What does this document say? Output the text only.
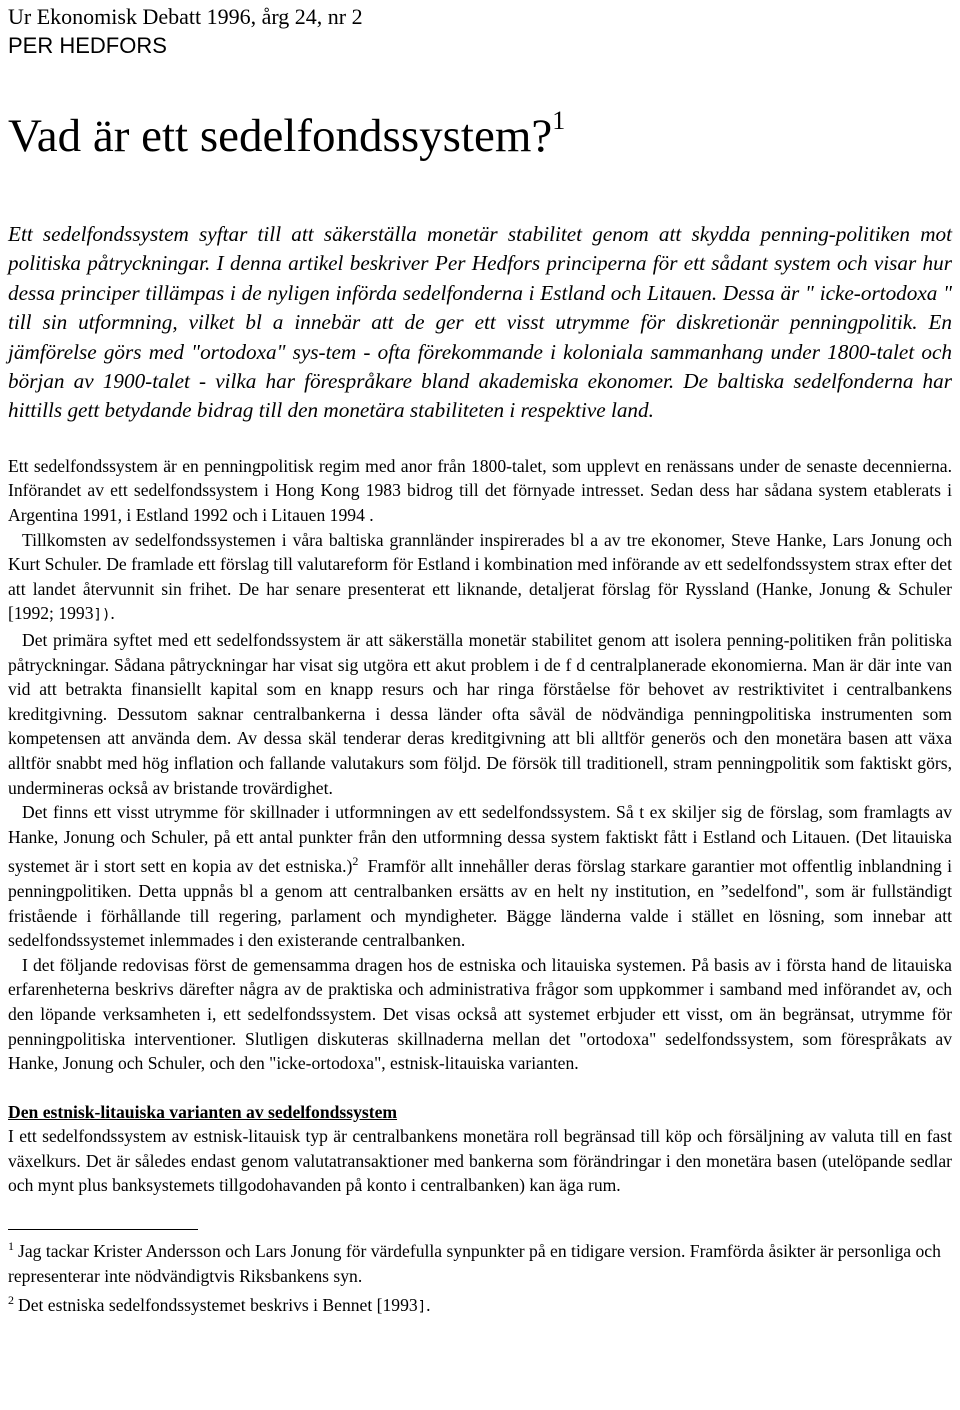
Ur Ekonomisk Debatt 1996, årg 24, nr 2

PER HEDFORS

Vad är ett sedelfondssystem?$^1$

Ett sedelfondssystem syftar till att säkerställa monetär stabilitet genom att skydda penning-politiken mot politiska påtryckningar. I denna artikel beskriver Per Hedfors principerna för ett sådant system och visar hur dessa principer tillämpas i de nyligen införda sedelfonderna i Estland och Litauen. Dessa är " icke-ortodoxa " till sin utformning, vilket bl a innebär att de ger ett visst utrymme för diskretionär penningpolitik. En jämförelse görs med "ortodoxa" sys-tem - ofta förekommande i koloniala sammanhang under 1800-talet och början av 1900-talet - vilka har förespråkare bland akademiska ekonomer. De baltiska sedelfonderna har hittills gett betydande bidrag till den monetära stabiliteten i respektive land.

Ett sedelfondssystem är en penningpolitisk regim med anor från 1800-talet, som upplevt en renässans under de senaste decennierna. Införandet av ett sedelfondssystem i Hong Kong 1983 bidrog till det förnyade intresset. Sedan dess har sådana system etablerats i Argentina 1991, i Estland 1992 och i Litauen 1994 .

Tillkomsten av sedelfondssystemen i våra baltiska grannländer inspirerades bl a av tre ekonomer, Steve Hanke, Lars Jonung och Kurt Schuler. De framlade ett förslag till valutareform för Estland i kombination med införande av ett sedelfondssystem strax efter det att landet återvunnit sin frihet. De har senare presenterat ett liknande, detaljerat förslag för Ryssland (Hanke, Jonung & Schuler [1992; 1993]).

Det primära syftet med ett sedelfondssystem är att säkerställa monetär stabilitet genom att isolera penning-politiken från politiska påtryckningar. Sådana påtryckningar har visat sig utgöra ett akut problem i de f d centralplanerade ekonomierna. Man är där inte van vid att betrakta finansiellt kapital som en knapp resurs och har ringa förståelse för behovet av restriktivitet i centralbankens kreditgivning. Dessutom saknar centralbankerna i dessa länder ofta såväl de nödvändiga penningpolitiska instrumenten som kompetensen att använda dem. Av dessa skäl tenderar deras kreditgivning att bli alltför generös och den monetära basen att växa alltför snabbt med hög inflation och fallande valutakurs som följd. De försök till traditionell, stram penningpolitik som faktiskt görs, undermineras också av bristande trovärdighet.

Det finns ett visst utrymme för skillnader i utformningen av ett sedelfondssystem. Så t ex skiljer sig de förslag, som framlagts av Hanke, Jonung och Schuler, på ett antal punkter från den utformning dessa system faktiskt fått i Estland och Litauen. (Det litauiska systemet är i stort sett en kopia av det estniska.)$^2$ Framför allt innehåller deras förslag starkare garantier mot offentlig inblandning i penningpolitiken. Detta uppnås bl a genom att centralbanken ersätts av en helt ny institution, en ”sedelfond", som är fullständigt fristående i förhållande till regering, parlament och myndigheter. Bägge länderna valde i stället en lösning, som innebar att sedelfondssystemet inlemmades i den existerande centralbanken.

I det följande redovisas först de gemensamma dragen hos de estniska och litauiska systemen. På basis av i första hand de litauiska erfarenheterna beskrivs därefter några av de praktiska och administrativa frågor som uppkommer i samband med införandet av, och den löpande verksamheten i, ett sedelfondssystem. Det visas också att systemet erbjuder ett visst, om än begränsat, utrymme för penningpolitiska interventioner. Slutligen diskuteras skillnaderna mellan det "ortodoxa" sedelfondssystem, som förespråkats av Hanke, Jonung och Schuler, och den "icke-ortodoxa", estnisk-litauiska varianten.

Den estnisk-litauiska varianten av sedelfondssystem

I ett sedelfondssystem av estnisk-litauisk typ är centralbankens monetära roll begränsad till köp och försäljning av valuta till en fast växelkurs. Det är således endast genom valutatransaktioner med bankerna som förändringar i den monetära basen (utelöpande sedlar och mynt plus banksystemets tillgodohavanden på konto i centralbanken) kan äga rum.

$^1$ Jag tackar Krister Andersson och Lars Jonung för värdefulla synpunkter på en tidigare version. Framförda åsikter är personliga och representerar inte nödvändigtvis Riksbankens syn.

$^2$ Det estniska sedelfondssystemet beskrivs i Bennet [1993].
